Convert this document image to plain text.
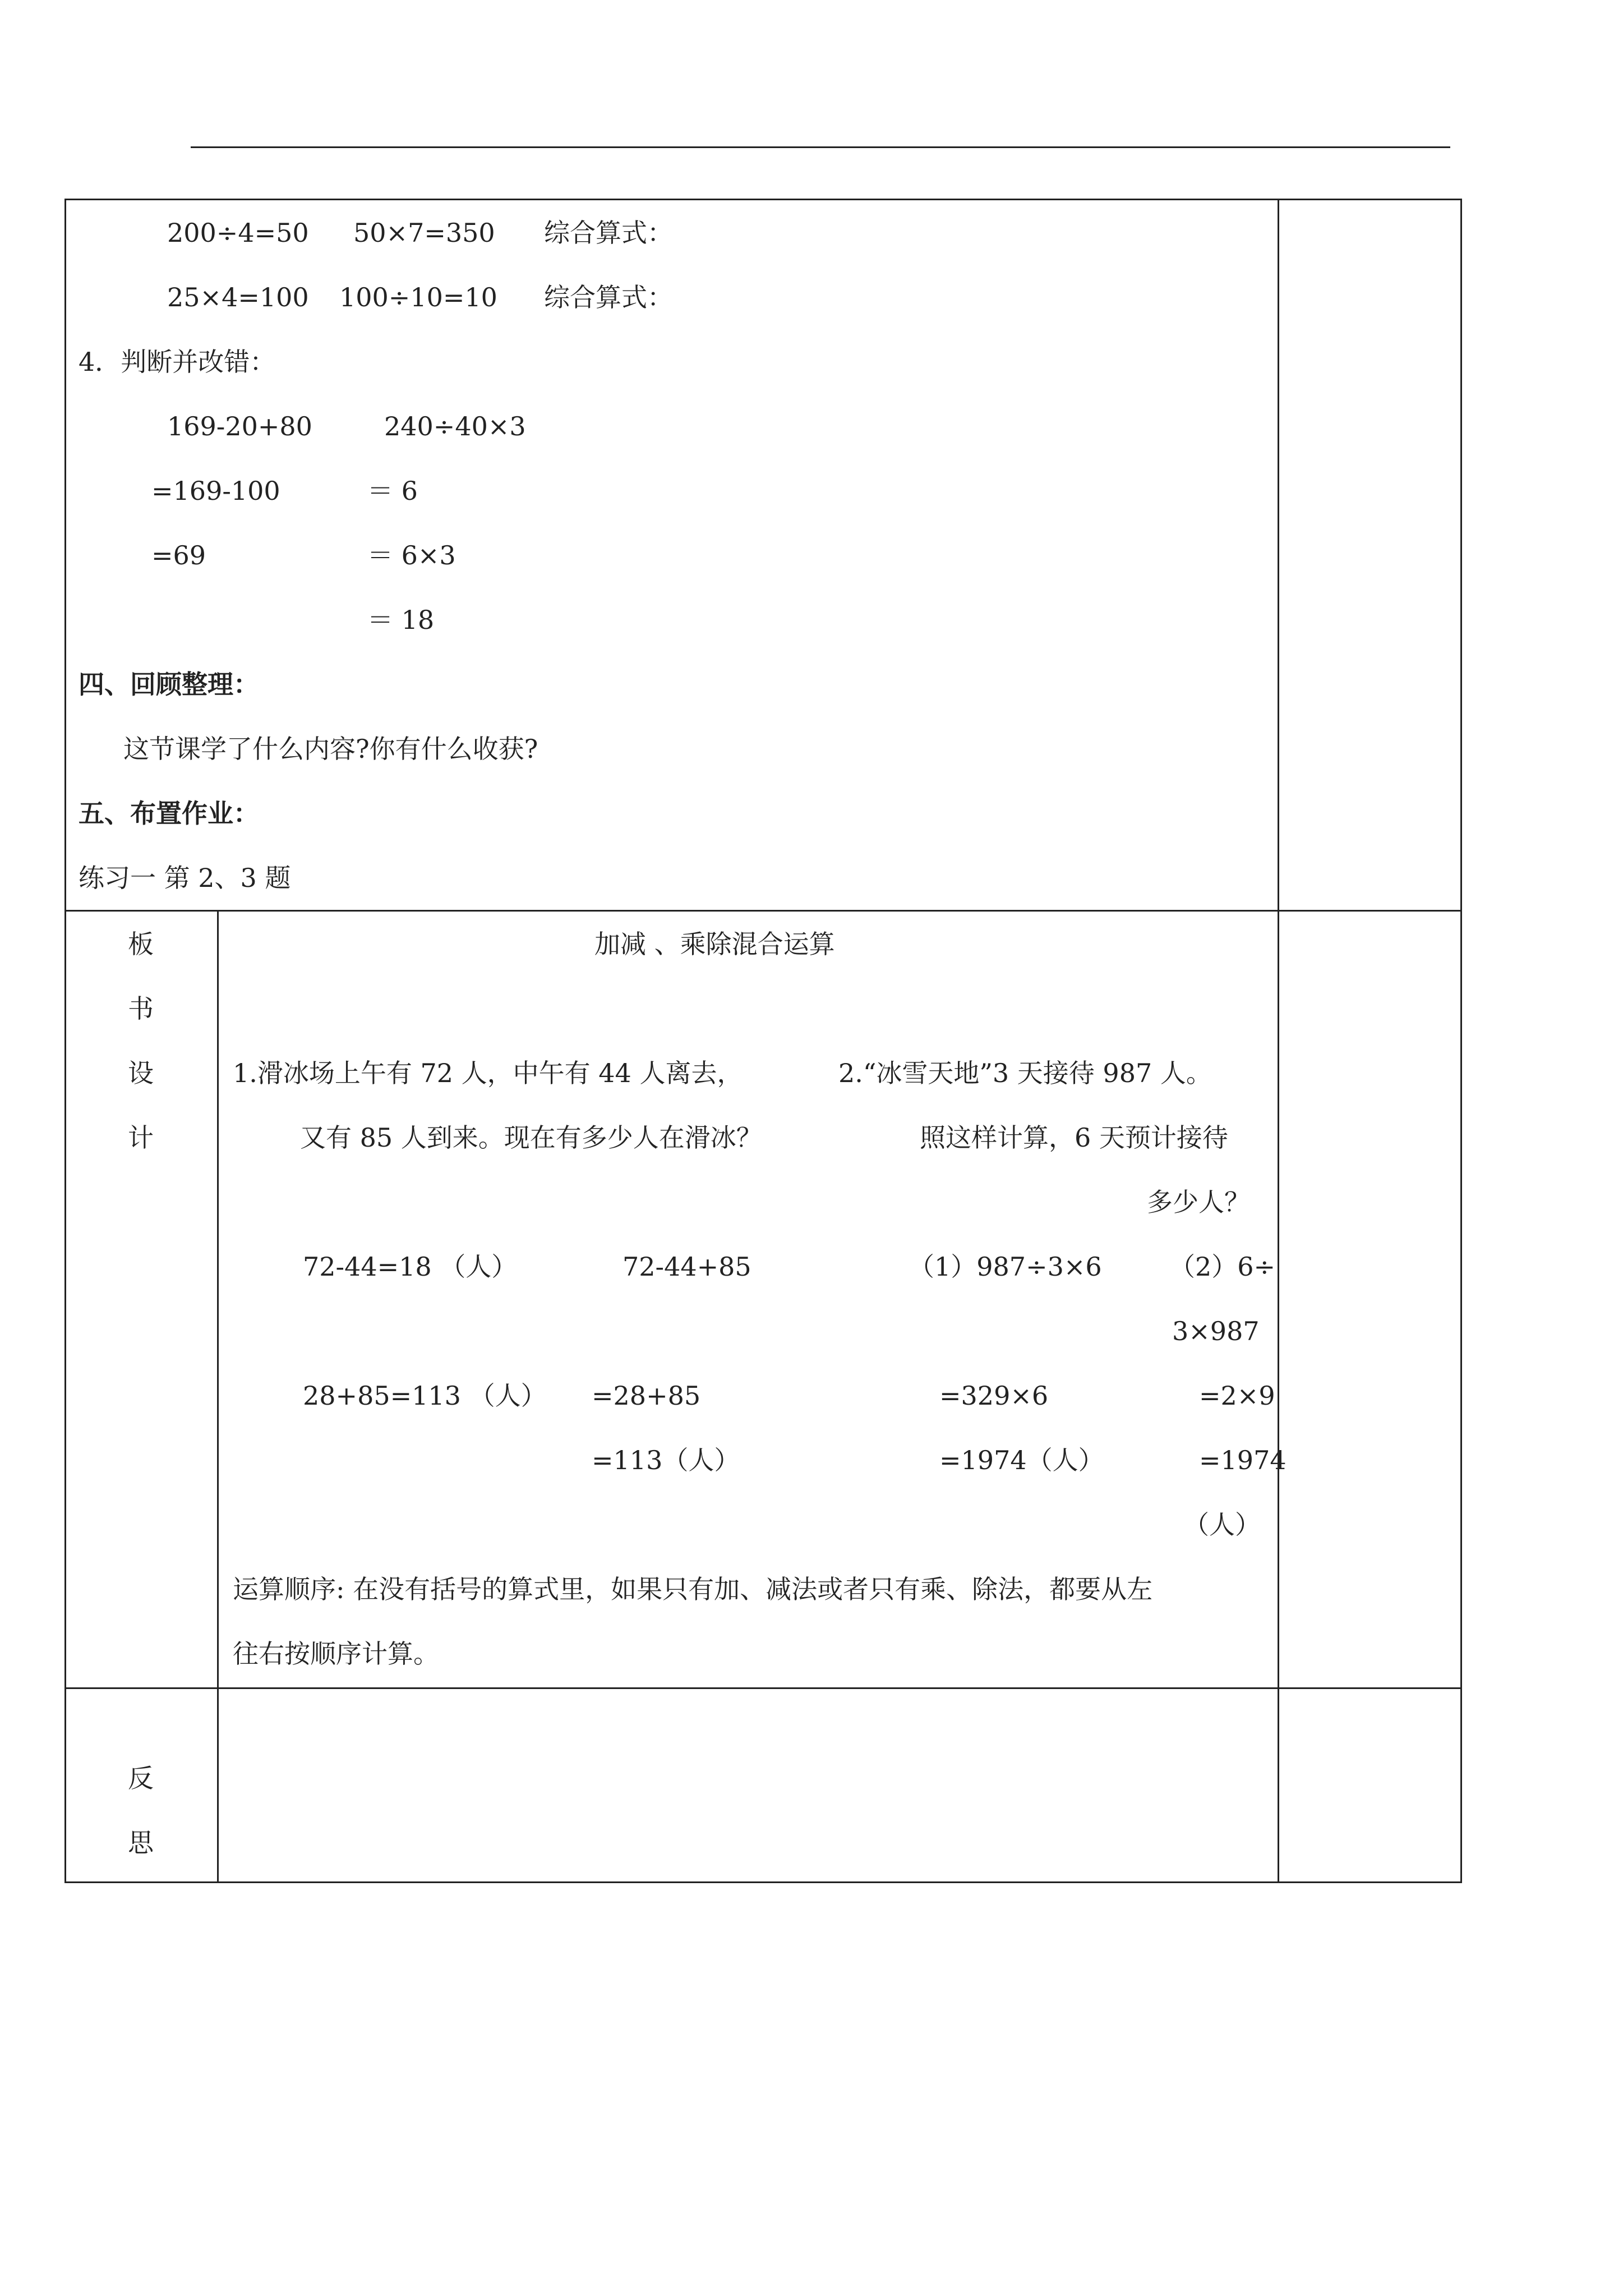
200÷4=50 50×7=350 综合算式：
25×4=100 100÷10=10 综合算式：
4．判断并改错：
169-20+80
=169-100
=69
240÷40×3
＝ 6
＝ 6×3
＝ 18
四、回顾整理：
这节课学了什么内容?你有什么收获?
五、布置作业：
练习一 第 2、3 题
板
书
设
计
加减 、乘除混合运算
1.滑冰场上午有 72 人，中午有 44 人离去，
又有 85 人到来。现在有多少人在滑冰？
2.“冰雪天地”3 天接待 987 人。
照这样计算，6 天预计接待
多少人？
72-44=18 （人）
28+85=113 （人）
72-44+85
=28+85
=113（人）
（1）987÷3×6
=329×6
=1974（人）
（2）6÷
3×987
=2×9
=1974
（人）
运算顺序: 在没有括号的算式里，如果只有加、减法或者只有乘、除法，都要从左
往右按顺序计算。
反
思
